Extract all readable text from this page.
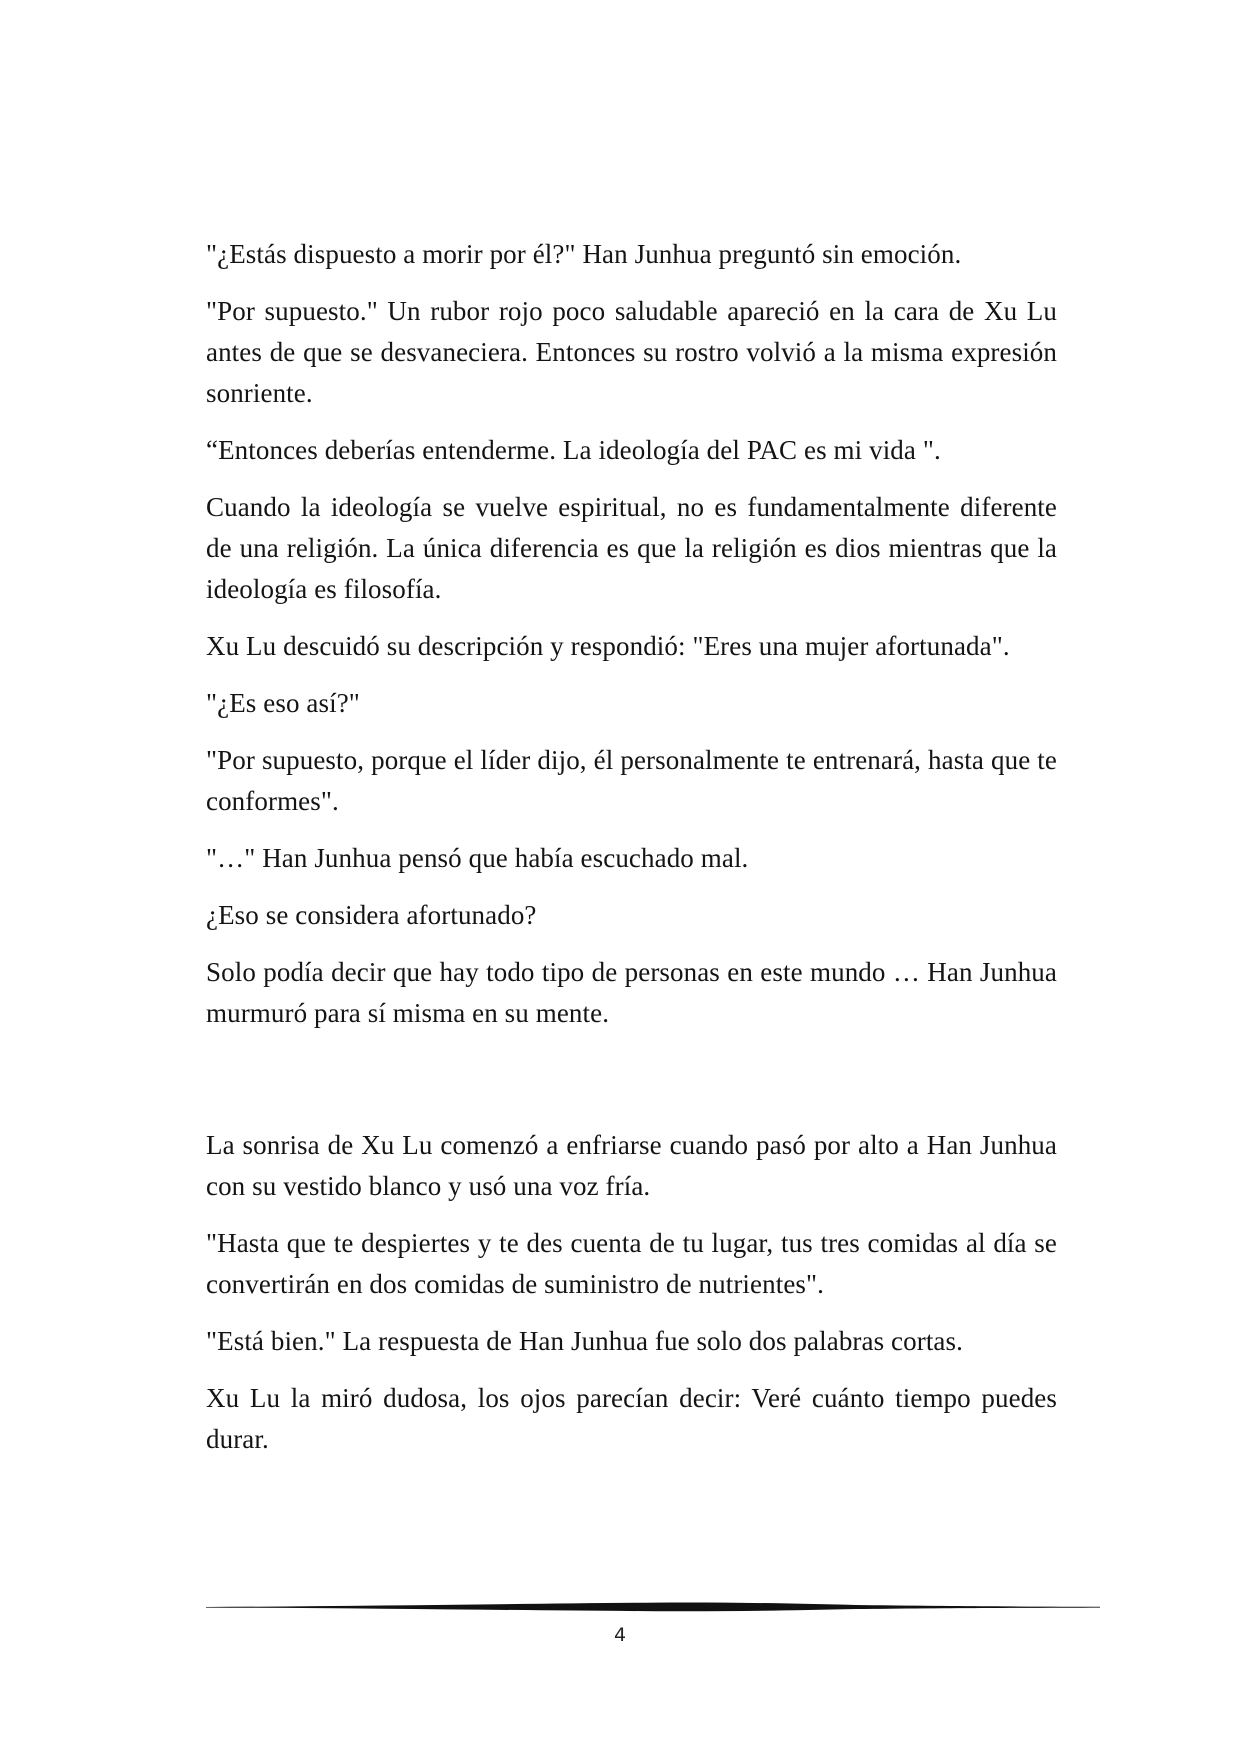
"¿Estás dispuesto a morir por él?" Han Junhua preguntó sin emoción.

"Por supuesto." Un rubor rojo poco saludable apareció en la cara de Xu Lu antes de que se desvaneciera. Entonces su rostro volvió a la misma expresión sonriente.

“Entonces deberías entenderme. La ideología del PAC es mi vida ".

Cuando la ideología se vuelve espiritual, no es fundamentalmente diferente de una religión. La única diferencia es que la religión es dios mientras que la ideología es filosofía.

Xu Lu descuidó su descripción y respondió: "Eres una mujer afortunada".

"¿Es eso así?"

"Por supuesto, porque el líder dijo, él personalmente te entrenará, hasta que te conformes".

"…" Han Junhua pensó que había escuchado mal.

¿Eso se considera afortunado?

Solo podía decir que hay todo tipo de personas en este mundo … Han Junhua murmuró para sí misma en su mente.

La sonrisa de Xu Lu comenzó a enfriarse cuando pasó por alto a Han Junhua con su vestido blanco y usó una voz fría.

"Hasta que te despiertes y te des cuenta de tu lugar, tus tres comidas al día se convertirán en dos comidas de suministro de nutrientes".

"Está bien." La respuesta de Han Junhua fue solo dos palabras cortas.

Xu Lu la miró dudosa, los ojos parecían decir: Veré cuánto tiempo puedes durar.

4
